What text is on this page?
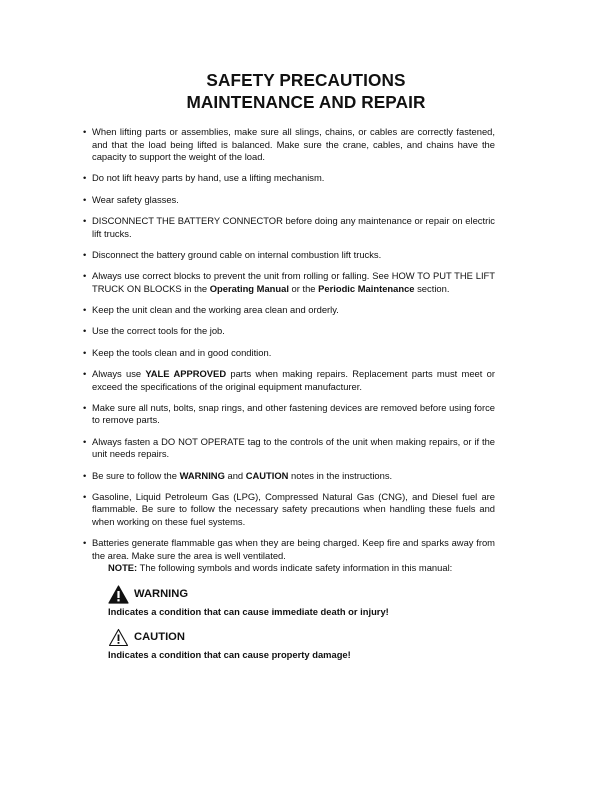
SAFETY PRECAUTIONS
MAINTENANCE AND REPAIR
• When lifting parts or assemblies, make sure all slings, chains, or cables are correctly fastened, and that the load being lifted is balanced. Make sure the crane, cables, and chains have the capacity to support the weight of the load.
• Do not lift heavy parts by hand, use a lifting mechanism.
• Wear safety glasses.
• DISCONNECT THE BATTERY CONNECTOR before doing any maintenance or repair on electric lift trucks.
• Disconnect the battery ground cable on internal combustion lift trucks.
• Always use correct blocks to prevent the unit from rolling or falling. See HOW TO PUT THE LIFT TRUCK ON BLOCKS in the Operating Manual or the Periodic Maintenance section.
• Keep the unit clean and the working area clean and orderly.
• Use the correct tools for the job.
• Keep the tools clean and in good condition.
• Always use YALE APPROVED parts when making repairs. Replacement parts must meet or exceed the specifications of the original equipment manufacturer.
• Make sure all nuts, bolts, snap rings, and other fastening devices are removed before using force to remove parts.
• Always fasten a DO NOT OPERATE tag to the controls of the unit when making repairs, or if the unit needs repairs.
• Be sure to follow the WARNING and CAUTION notes in the instructions.
• Gasoline, Liquid Petroleum Gas (LPG), Compressed Natural Gas (CNG), and Diesel fuel are flammable. Be sure to follow the necessary safety precautions when handling these fuels and when working on these fuel systems.
• Batteries generate flammable gas when they are being charged. Keep fire and sparks away from the area. Make sure the area is well ventilated.
NOTE: The following symbols and words indicate safety information in this manual:
WARNING
Indicates a condition that can cause immediate death or injury!
CAUTION
Indicates a condition that can cause property damage!
